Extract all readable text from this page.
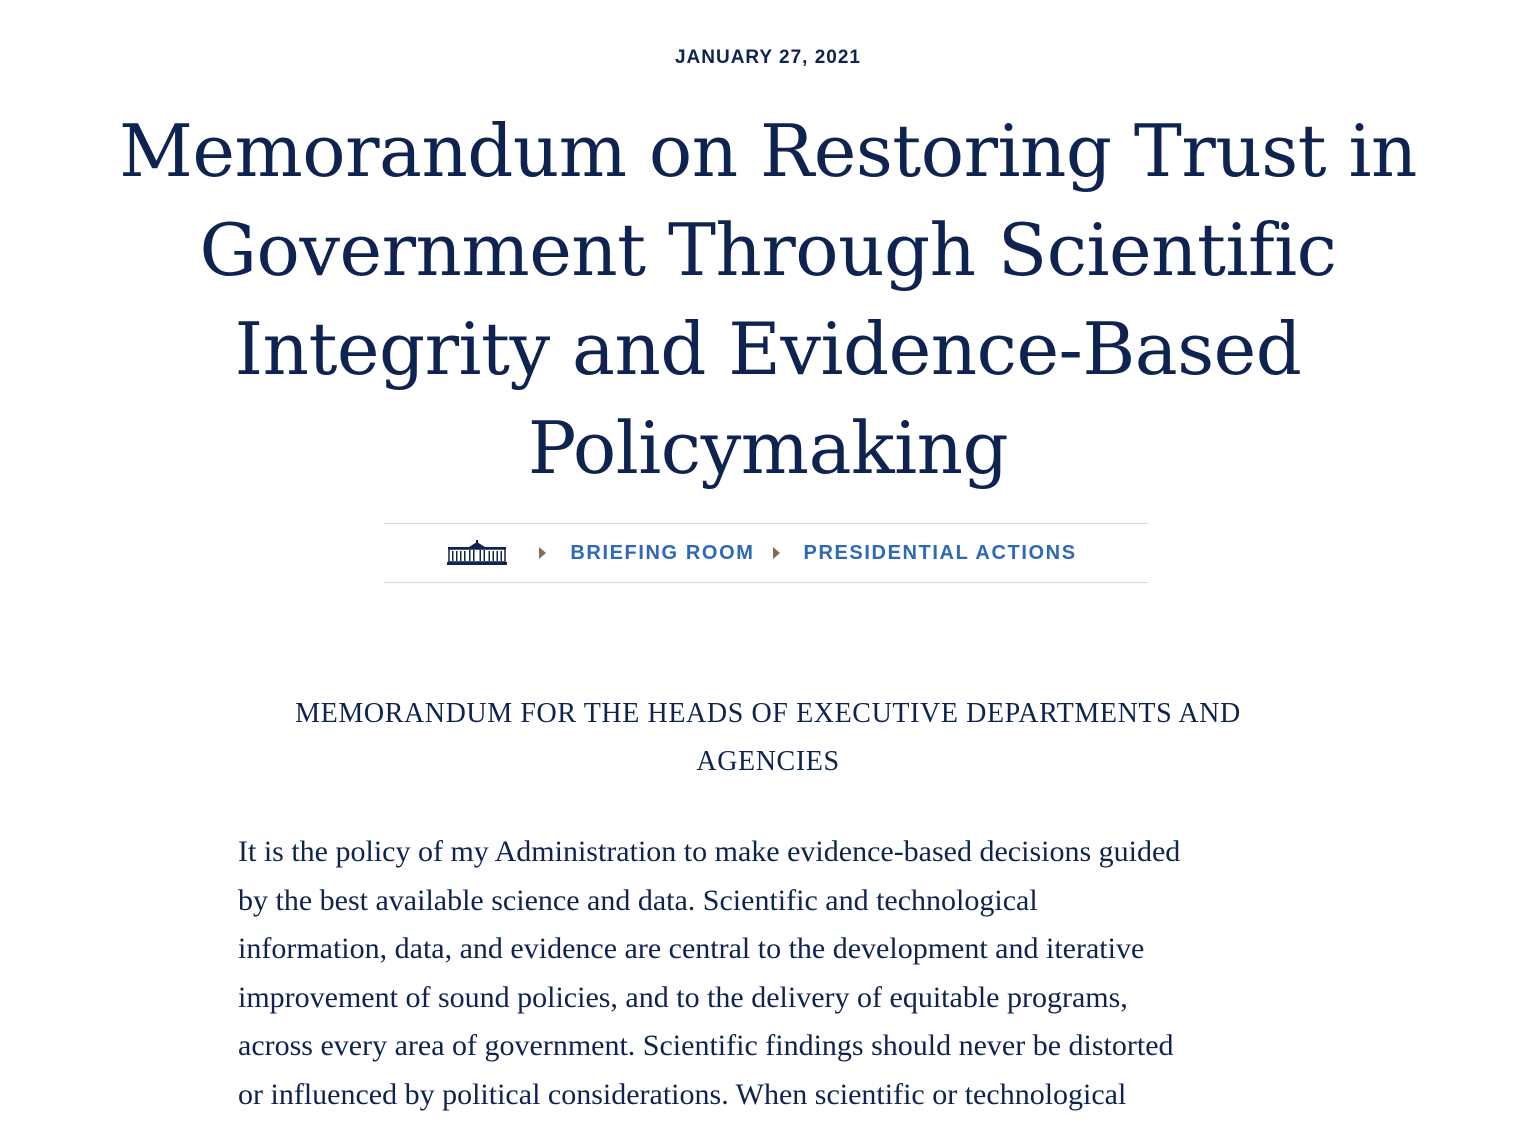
JANUARY 27, 2021
Memorandum on Restoring Trust in Government Through Scientific Integrity and Evidence-Based Policymaking
BRIEFING ROOM PRESIDENTIAL ACTIONS
MEMORANDUM FOR THE HEADS OF EXECUTIVE DEPARTMENTS AND AGENCIES
It is the policy of my Administration to make evidence-based decisions guided
by the best available science and data. Scientific and technological
information, data, and evidence are central to the development and iterative
improvement of sound policies, and to the delivery of equitable programs,
across every area of government. Scientific findings should never be distorted
or influenced by political considerations. When scientific or technological
